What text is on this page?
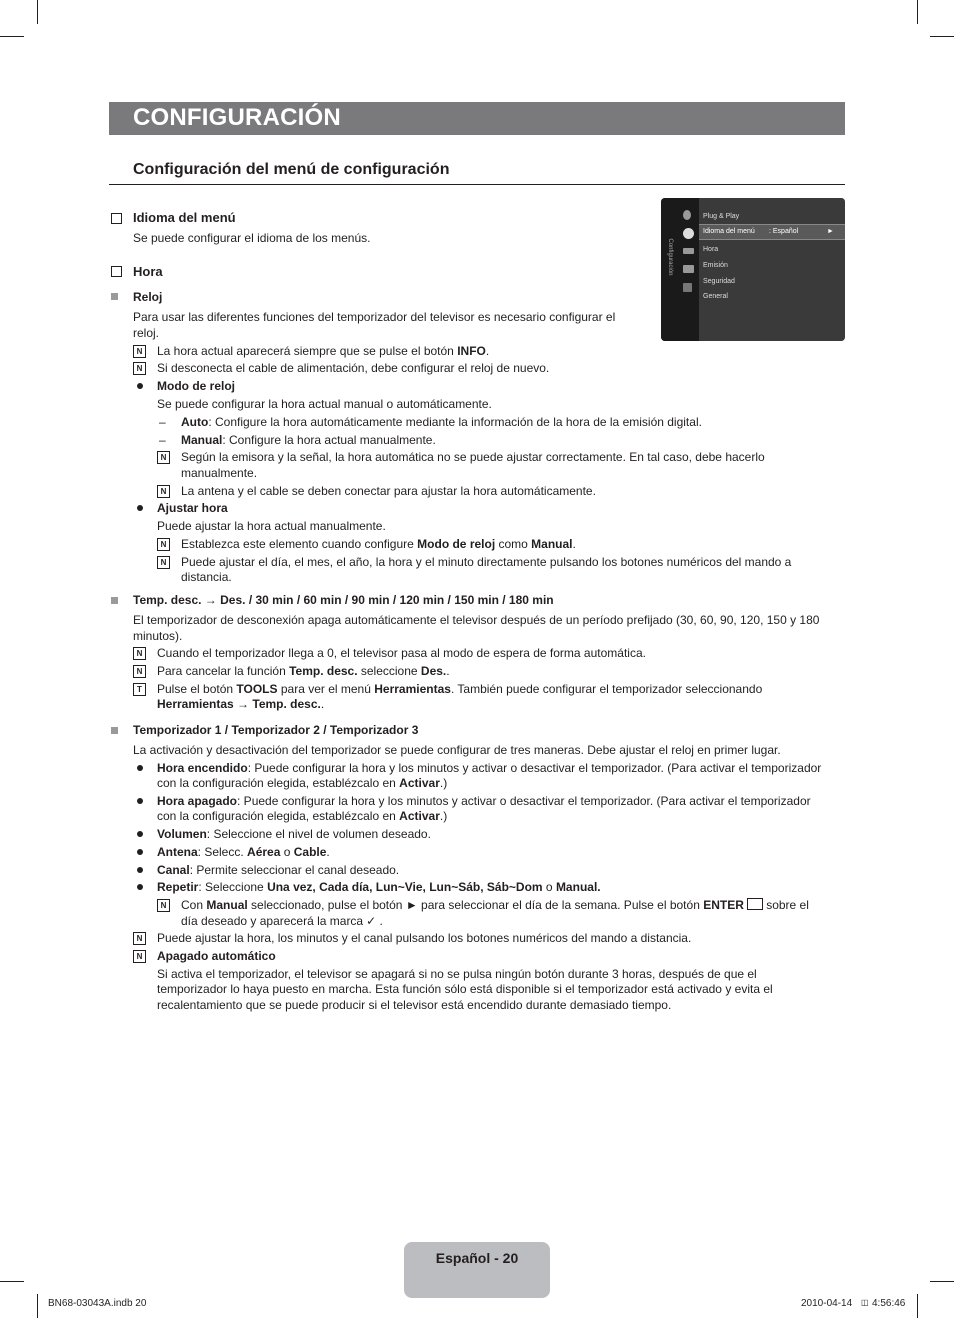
CONFIGURACIÓN
Configuración del menú de configuración
Configuración
Plug & Play
Idioma del menú : Español	►
Hora
Emisión
Seguridad
General
Idioma del menú
Se puede configurar el idioma de los menús.
Hora
Reloj
Para usar las diferentes funciones del temporizador del televisor es necesario configurar el
reloj.
N	La hora actual aparecerá siempre que se pulse el botón INFO.
N	Si desconecta el cable de alimentación, debe configurar el reloj de nuevo.
Modo de reloj
Se puede configurar la hora actual manual o automáticamente.
– Auto: Configure la hora automáticamente mediante la información de la hora de la emisión digital.
– Manual: Configure la hora actual manualmente.
N	Según la emisora y la señal, la hora automática no se puede ajustar correctamente. En tal caso, debe hacerlo
manualmente.
N	La antena y el cable se deben conectar para ajustar la hora automáticamente.
Ajustar hora
Puede ajustar la hora actual manualmente.
N	Establezca este elemento cuando configure Modo de reloj como Manual.
N	Puede ajustar el día, el mes, el año, la hora y el minuto directamente pulsando los botones numéricos del mando a
distancia.
Temp. desc. → Des. / 30 min / 60 min / 90 min / 120 min / 150 min / 180 min
El temporizador de desconexión apaga automáticamente el televisor después de un período prefijado (30, 60, 90, 120, 150 y 180
minutos).
N	Cuando el temporizador llega a 0, el televisor pasa al modo de espera de forma automática.
N	Para cancelar la función Temp. desc. seleccione Des..
T	Pulse el botón TOOLS para ver el menú Herramientas. También puede configurar el temporizador seleccionando
Herramientas → Temp. desc..
Temporizador 1 / Temporizador 2 / Temporizador 3
La activación y desactivación del temporizador se puede configurar de tres maneras. Debe ajustar el reloj en primer lugar.
Hora encendido: Puede configurar la hora y los minutos y activar o desactivar el temporizador. (Para activar el temporizador
con la configuración elegida, establézcalo en Activar.)
Hora apagado: Puede configurar la hora y los minutos y activar o desactivar el temporizador. (Para activar el temporizador
con la configuración elegida, establézcalo en Activar.)
Volumen: Seleccione el nivel de volumen deseado.
Antena: Selecc. Aérea o Cable.
Canal: Permite seleccionar el canal deseado.
Repetir: Seleccione Una vez, Cada día, Lun~Vie, Lun~Sáb, Sáb~Dom o Manual.
N	Con Manual seleccionado, pulse el botón ► para seleccionar el día de la semana. Pulse el botón ENTER sobre el
día deseado y aparecerá la marca ✓ .
N	Puede ajustar la hora, los minutos y el canal pulsando los botones numéricos del mando a distancia.
N	Apagado automático
Si activa el temporizador, el televisor se apagará si no se pulsa ningún botón durante 3 horas, después de que el
temporizador lo haya puesto en marcha. Esta función sólo está disponible si el temporizador está activado y evita el
recalentamiento que se puede producir si el televisor está encendido durante demasiado tiempo.
Español - 20
BN68-03043A.indb 20	2010-04-14 ◫ 4:56:46
